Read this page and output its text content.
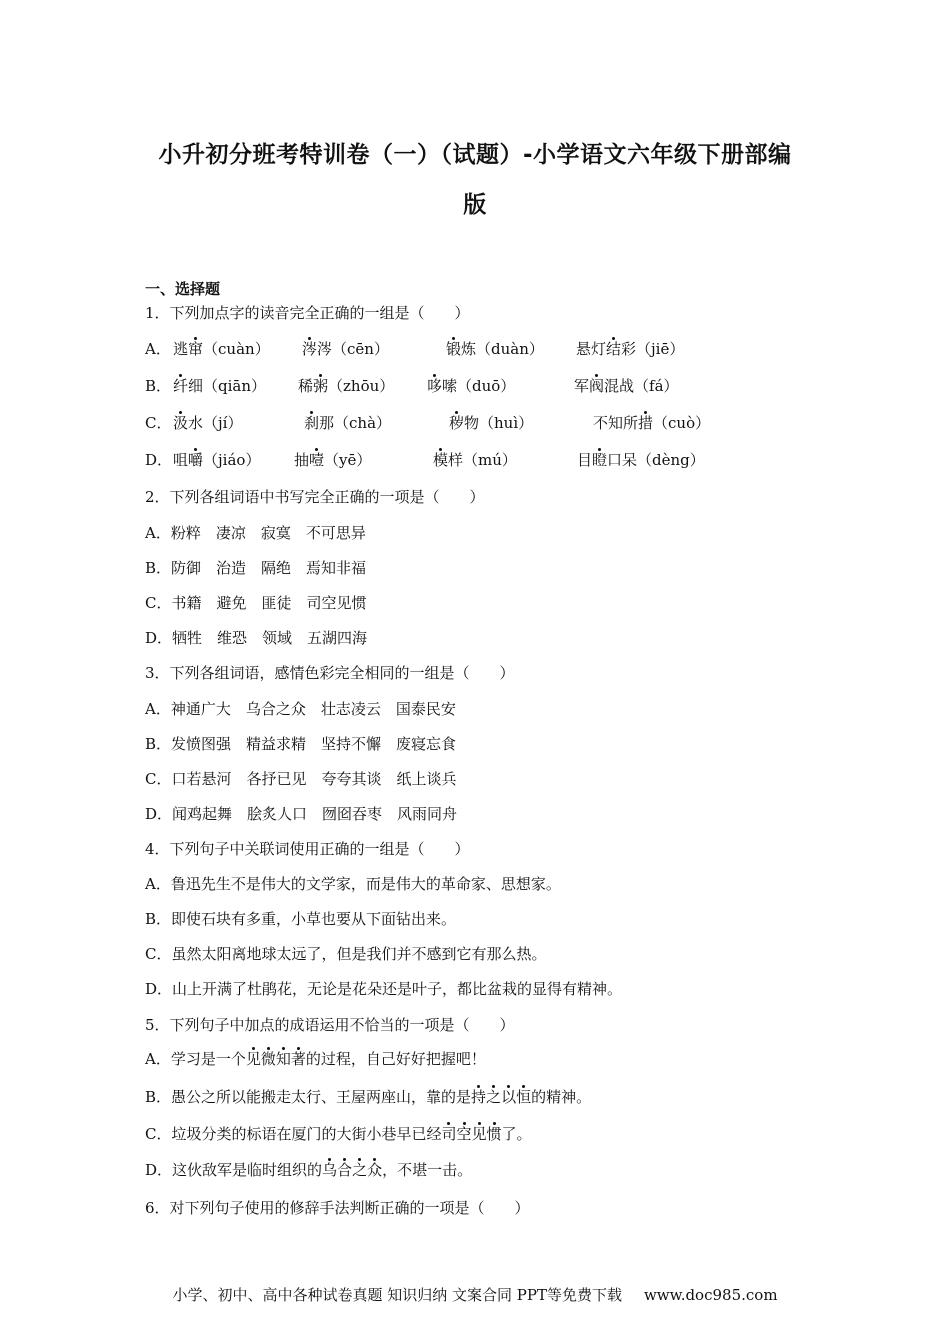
小升初分班考特训卷（一）（试题）-小学语文六年级下册部编
版
一、选择题
1．下列加点字的读音完全正确的一组是（　　）
A． 逃窜（cuàn） 涔涔（cēn）	锻炼（duàn） 悬灯结彩（jiē）
B． 纤细（qiān） 稀粥（zhōu） 哆嗦（duō）	军阀混战（fá）
C． 汲水（jí）	刹那（chà）	秽物（huì）	不知所措（cuò）
D． 咀嚼（jiáo） 抽噎（yē）	模样（mú）	目瞪口呆（dèng）
2．下列各组词语中书写完全正确的一项是（　　）
A．粉粹　凄凉　寂寞　不可思异
B．防御　治造　隔绝　焉知非福
C．书籍　避免　匪徒　司空见惯
D．牺牲　维恐　领域　五湖四海
3．下列各组词语，感情色彩完全相同的一组是（　　）
A．神通广大　乌合之众　壮志凌云　国泰民安
B．发愤图强　精益求精　坚持不懈　废寝忘食
C．口若悬河　各抒已见　夸夸其谈　纸上谈兵
D．闻鸡起舞　脍炙人口　囫囵吞枣　风雨同舟
4．下列句子中关联词使用正确的一组是（　　）
A．鲁迅先生不是伟大的文学家，而是伟大的革命家、思想家。
B．即使石块有多重，小草也要从下面钻出来。
C．虽然太阳离地球太远了，但是我们并不感到它有那么热。
D．山上开满了杜鹃花，无论是花朵还是叶子，都比盆栽的显得有精神。
5．下列句子中加点的成语运用不恰当的一项是（　　）
A．学习是一个见微知著的过程，自己好好把握吧！
B．愚公之所以能搬走太行、王屋两座山，靠的是持之以恒的精神。
C．垃圾分类的标语在厦门的大街小巷早已经司空见惯了。
D．这伙敌军是临时组织的乌合之众，不堪一击。
6．对下列句子使用的修辞手法判断正确的一项是（　　）
小学、初中、高中各种试卷真题 知识归纳 文案合同 PPT等免费下载 www.doc985.com
